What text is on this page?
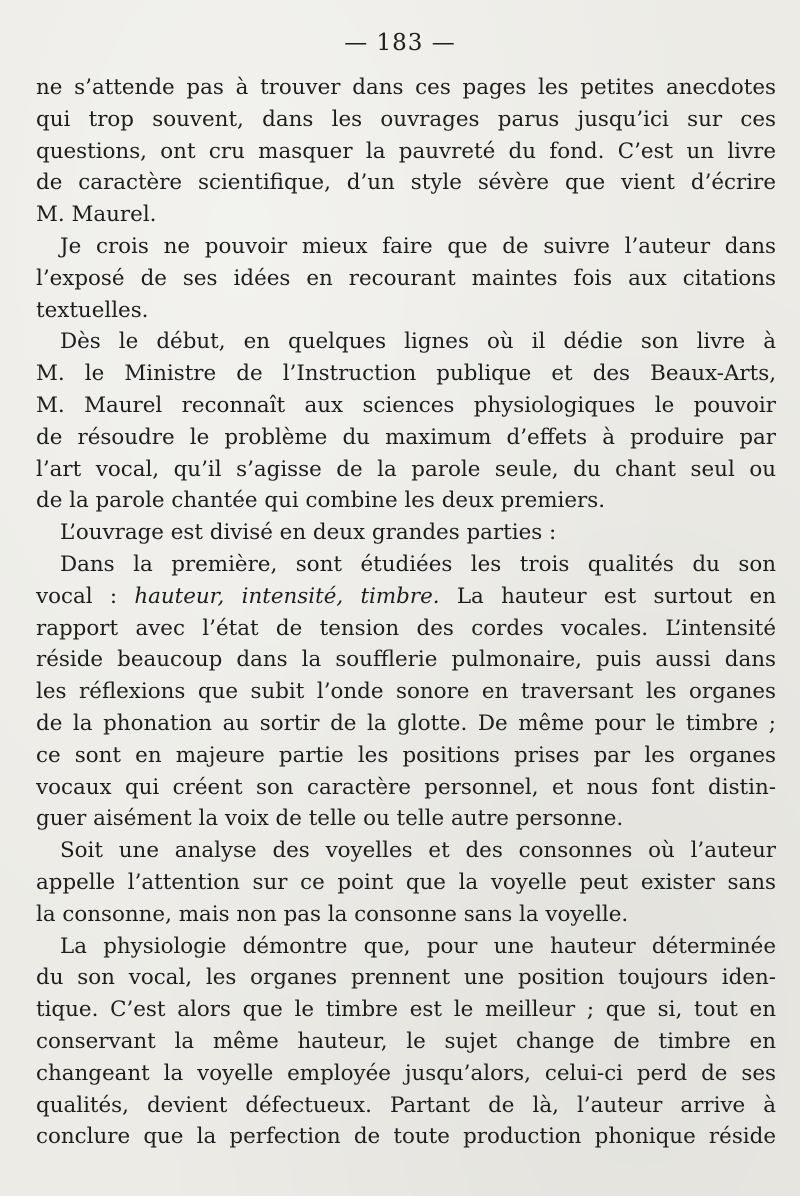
— 183 —
ne s’attende pas à trouver dans ces pages les petites anecdotes
qui trop souvent, dans les ouvrages parus jusqu’ici sur ces
questions, ont cru masquer la pauvreté du fond. C’est un livre
de caractère scientifique, d’un style sévère que vient d’écrire
M. Maurel.
Je crois ne pouvoir mieux faire que de suivre l’auteur dans
l’exposé de ses idées en recourant maintes fois aux citations
textuelles.
Dès le début, en quelques lignes où il dédie son livre à
M. le Ministre de l’Instruction publique et des Beaux-Arts,
M. Maurel reconnaît aux sciences physiologiques le pouvoir
de résoudre le problème du maximum d’effets à produire par
l’art vocal, qu’il s’agisse de la parole seule, du chant seul ou
de la parole chantée qui combine les deux premiers.
L’ouvrage est divisé en deux grandes parties :
Dans la première, sont étudiées les trois qualités du son
vocal : hauteur, intensité, timbre. La hauteur est surtout en
rapport avec l’état de tension des cordes vocales. L’intensité
réside beaucoup dans la soufflerie pulmonaire, puis aussi dans
les réflexions que subit l’onde sonore en traversant les organes
de la phonation au sortir de la glotte. De même pour le timbre ;
ce sont en majeure partie les positions prises par les organes
vocaux qui créent son caractère personnel, et nous font distin-
guer aisément la voix de telle ou telle autre personne.
Soit une analyse des voyelles et des consonnes où l’auteur
appelle l’attention sur ce point que la voyelle peut exister sans
la consonne, mais non pas la consonne sans la voyelle.
La physiologie démontre que, pour une hauteur déterminée
du son vocal, les organes prennent une position toujours iden-
tique. C’est alors que le timbre est le meilleur ; que si, tout en
conservant la même hauteur, le sujet change de timbre en
changeant la voyelle employée jusqu’alors, celui-ci perd de ses
qualités, devient défectueux. Partant de là, l’auteur arrive à
conclure que la perfection de toute production phonique réside
